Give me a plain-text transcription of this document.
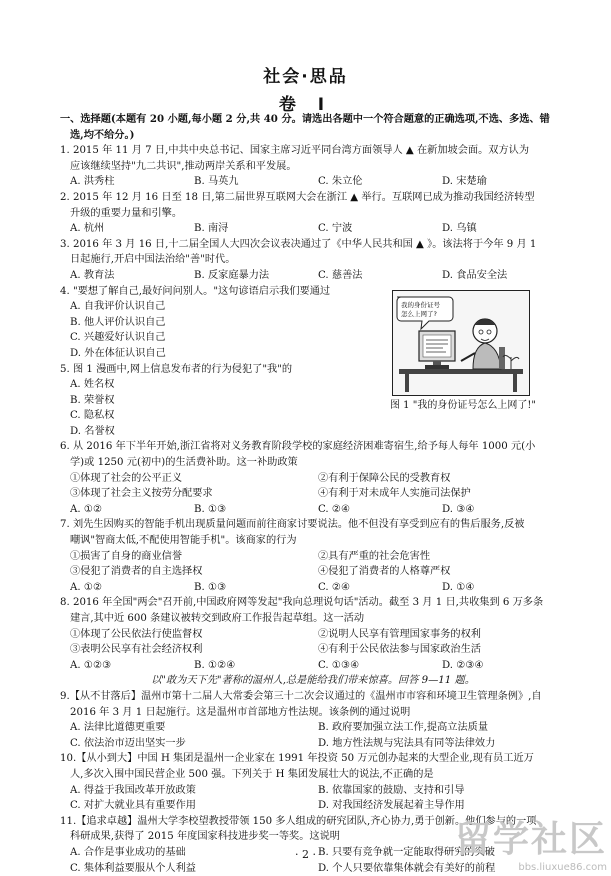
社会·思品
卷 Ⅰ
一、选择题(本题有 20 小题,每小题 2 分,共 40 分。请选出各题中一个符合题意的正确选项,不选、多选、错
选,均不给分。)
1. 2015 年 11 月 7 日,中共中央总书记、国家主席习近平同台湾方面领导人 ▲ 在新加坡会面。双方认为
应该继续坚持"九二共识",推动两岸关系和平发展。
A. 洪秀柱	B. 马英九	C. 朱立伦	D. 宋楚瑜
2. 2015 年 12 月 16 日至 18 日,第二届世界互联网大会在浙江 ▲ 举行。互联网已成为推动我国经济转型
升级的重要力量和引擎。
A. 杭州	B. 南浔	C. 宁波	D. 乌镇
3. 2016 年 3 月 16 日,十二届全国人大四次会议表决通过了《中华人民共和国 ▲ 》。该法将于今年 9 月 1
日起施行,开启中国法治给"善"时代。
A. 教育法	B. 反家庭暴力法	C. 慈善法	D. 食品安全法
4. "要想了解自己,最好问问别人。"这句谚语启示我们要通过
A. 自我评价认识自己
B. 他人评价认识自己
C. 兴趣爱好认识自己
D. 外在体征认识自己
5. 图 1 漫画中,网上信息发布者的行为侵犯了"我"的
A. 姓名权
B. 荣誉权
C. 隐私权
D. 名誉权
我的身份证号
怎么上网了?
图 1 "我的身份证号怎么上网了!"
6. 从 2016 年下半年开始,浙江省将对义务教育阶段学校的家庭经济困难寄宿生,给予每人每年 1000 元(小
学)或 1250 元(初中)的生活费补助。这一补助政策
①体现了社会的公平正义	②有利于保障公民的受教育权
③体现了社会主义按劳分配要求	④有利于对未成年人实施司法保护
A. ①②	B. ①③	C. ②④	D. ③④
7. 刘先生因购买的智能手机出现质量问题而前往商家讨要说法。他不但没有享受到应有的售后服务,反被
嘲讽"智商太低,不配使用智能手机"。该商家的行为
①损害了自身的商业信誉	②具有严重的社会危害性
③侵犯了消费者的自主选择权	④侵犯了消费者的人格尊严权
A. ①②	B. ①③	C. ②④	D. ①④
8. 2016 年全国"两会"召开前,中国政府网等发起"我向总理说句话"活动。截至 3 月 1 日,共收集到 6 万多条
建言,其中近 600 条建议被转交到政府工作报告起草组。这一活动
①体现了公民依法行使监督权	②说明人民享有管理国家事务的权利
③表明公民享有社会经济权利	④有利于公民依法参与国家政治生活
A. ①②③	B. ①②④	C. ①③④	D. ②③④
以"敢为天下先"著称的温州人,总是能给我们带来惊喜。回答 9—11 题。
9.【从不甘落后】温州市第十二届人大常委会第三十二次会议通过的《温州市市容和环境卫生管理条例》,自
2016 年 3 月 1 日起施行。这是温州市首部地方性法规。该条例的通过说明
A. 法律比道德更重要	B. 政府要加强立法工作,提高立法质量
C. 依法治市迈出坚实一步	D. 地方性法规与宪法具有同等法律效力
10.【从小到大】中国 H 集团是温州一企业家在 1991 年投资 50 万元创办起来的大型企业,现有员工近万
人,多次入围中国民营企业 500 强。下列关于 H 集团发展壮大的说法,不正确的是
A. 得益于我国改革开放政策	B. 依靠国家的鼓励、支持和引导
C. 对扩大就业具有重要作用	D. 对我国经济发展起着主导作用
11.【追求卓越】温州大学李校望教授带领 150 多人组成的研究团队,齐心协力,勇于创新。他们参与的一项
科研成果,获得了 2015 年度国家科技进步奖一等奖。这说明
A. 合作是事业成功的基础	B. 只要有竞争就一定能取得研究的突破
C. 集体利益要服从个人利益	D. 个人只要依靠集体就会有美好的前程
· 2 ·	留学社区
bbs.liuxue86.com
